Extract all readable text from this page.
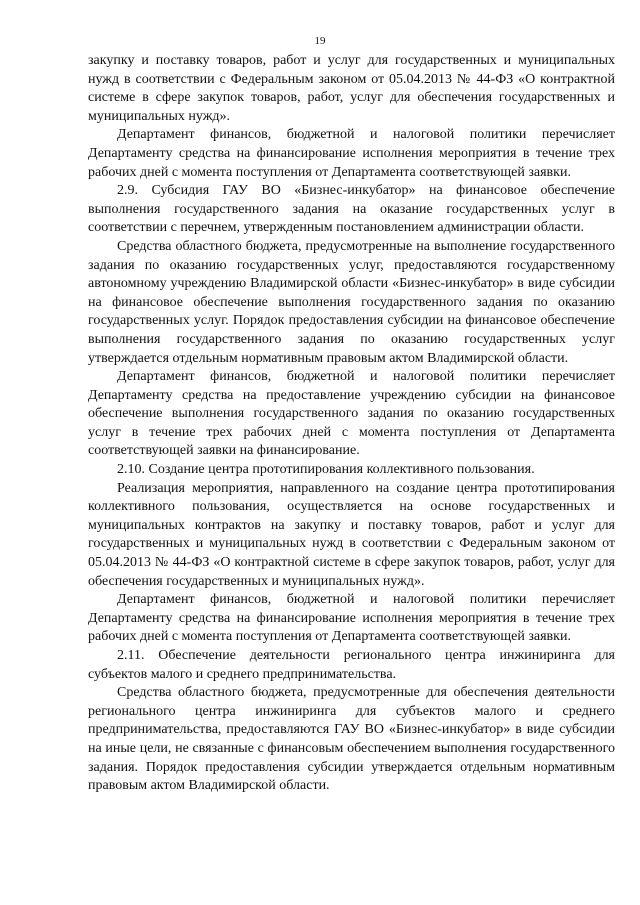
19

закупку и поставку товаров, работ и услуг для государственных и муниципальных нужд в соответствии с Федеральным законом от 05.04.2013 № 44-ФЗ «О контрактной системе в сфере закупок товаров, работ, услуг для обеспечения государственных и муниципальных нужд».

Департамент финансов, бюджетной и налоговой политики перечисляет Департаменту средства на финансирование исполнения мероприятия в течение трех рабочих дней с момента поступления от Департамента соответствующей заявки.

2.9. Субсидия ГАУ ВО «Бизнес-инкубатор» на финансовое обеспечение выполнения государственного задания на оказание государственных услуг в соответствии с перечнем, утвержденным постановлением администрации области.

Средства областного бюджета, предусмотренные на выполнение государственного задания по оказанию государственных услуг, предоставляются государственному автономному учреждению Владимирской области «Бизнес-инкубатор» в виде субсидии на финансовое обеспечение выполнения государственного задания по оказанию государственных услуг. Порядок предоставления субсидии на финансовое обеспечение выполнения государственного задания по оказанию государственных услуг утверждается отдельным нормативным правовым актом Владимирской области.

Департамент финансов, бюджетной и налоговой политики перечисляет Департаменту средства на предоставление учреждению субсидии на финансовое обеспечение выполнения государственного задания по оказанию государственных услуг в течение трех рабочих дней с момента поступления от Департамента соответствующей заявки на финансирование.

2.10. Создание центра прототипирования коллективного пользования.

Реализация мероприятия, направленного на создание центра прототипирования коллективного пользования, осуществляется на основе государственных и муниципальных контрактов на закупку и поставку товаров, работ и услуг для государственных и муниципальных нужд в соответствии с Федеральным законом от 05.04.2013 № 44-ФЗ «О контрактной системе в сфере закупок товаров, работ, услуг для обеспечения государственных и муниципальных нужд».

Департамент финансов, бюджетной и налоговой политики перечисляет Департаменту средства на финансирование исполнения мероприятия в течение трех рабочих дней с момента поступления от Департамента соответствующей заявки.

2.11. Обеспечение деятельности регионального центра инжиниринга для субъектов малого и среднего предпринимательства.

Средства областного бюджета, предусмотренные для обеспечения деятельности регионального центра инжиниринга для субъектов малого и среднего предпринимательства, предоставляются ГАУ ВО «Бизнес-инкубатор» в виде субсидии на иные цели, не связанные с финансовым обеспечением выполнения государственного задания. Порядок предоставления субсидии утверждается отдельным нормативным правовым актом Владимирской области.
